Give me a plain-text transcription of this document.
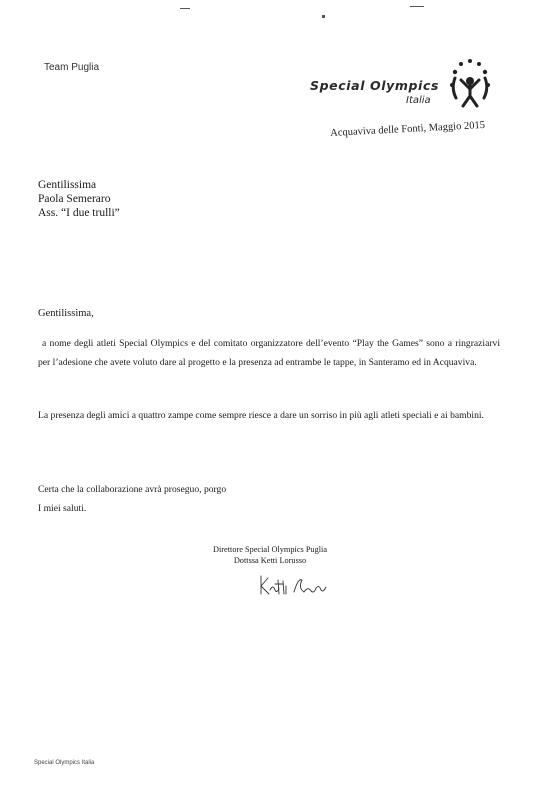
Team Puglia
Special Olympics
Italia
Acquaviva delle Fonti, Maggio 2015
Gentilissima
Paola Semeraro
Ass. “I due trulli”
Gentilissima,
a nome degli atleti Special Olympics e del comitato organizzatore dell’evento “Play the Games” sono a ringraziarvi per l’adesione che avete voluto dare al progetto e la presenza ad entrambe le tappe, in Santeramo ed in Acquaviva.
La presenza degli amici a quattro zampe come sempre riesce a dare un sorriso in più agli atleti speciali e ai bambini.
Certa che la collaborazione avrà proseguo, porgo
I miei saluti.
Direttore Special Olympics Puglia
Dottssa Ketti Lorusso
Special Olympics Italia
